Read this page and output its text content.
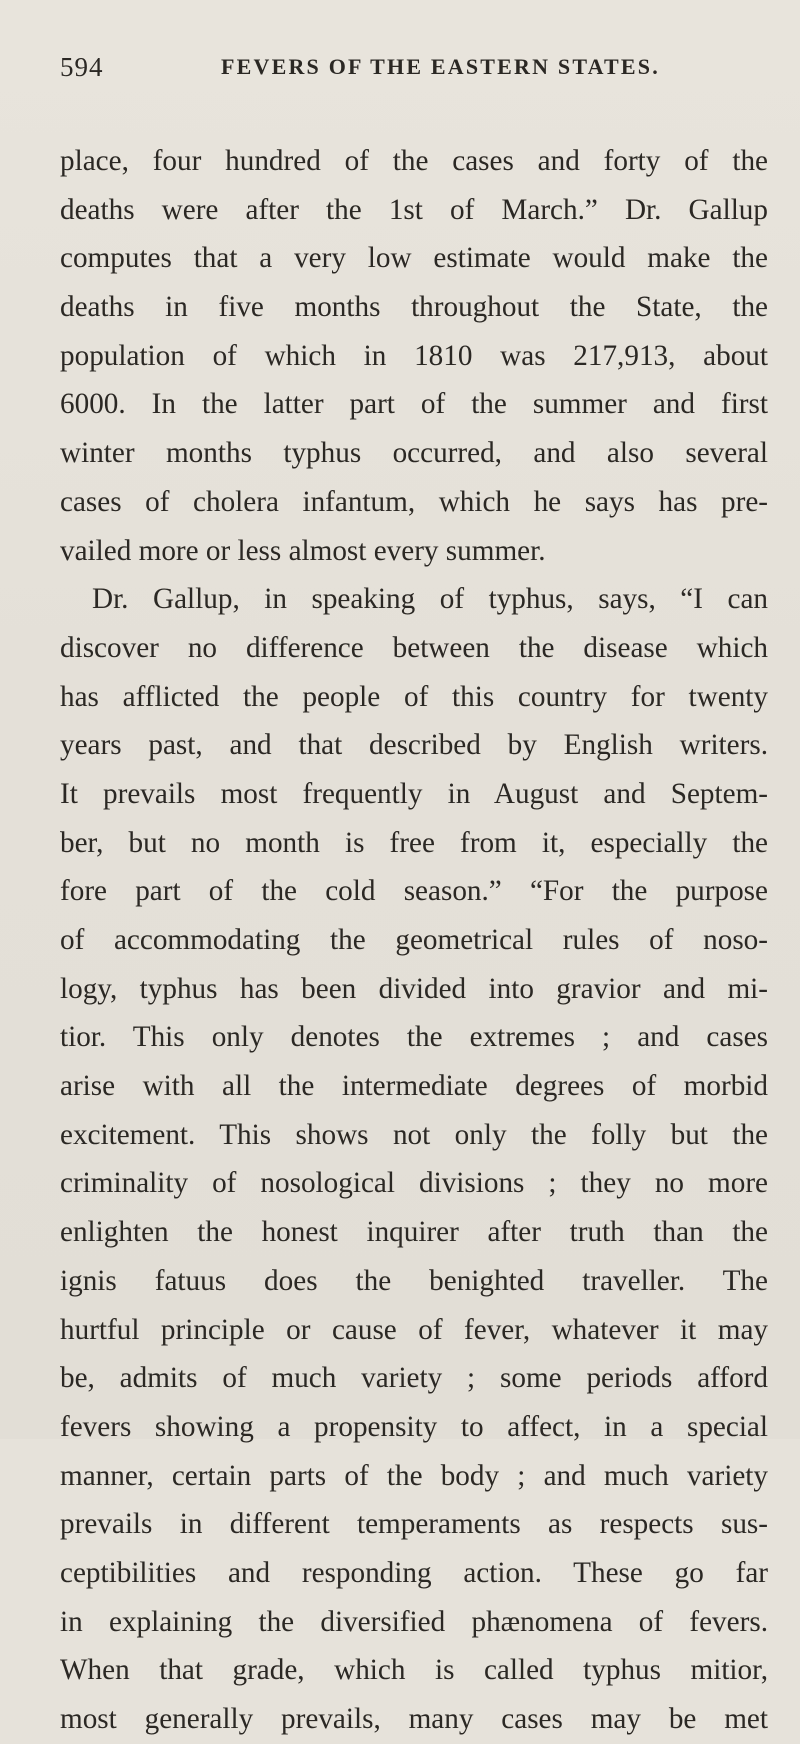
594	FEVERS OF THE EASTERN STATES.
place, four hundred of the cases and forty of the
deaths were after the 1st of March.” Dr. Gallup
computes that a very low estimate would make the
deaths in five months throughout the State, the
population of which in 1810 was 217,913, about
6000. In the latter part of the summer and first
winter months typhus occurred, and also several
cases of cholera infantum, which he says has pre-
vailed more or less almost every summer.
Dr. Gallup, in speaking of typhus, says, “I can
discover no difference between the disease which
has afflicted the people of this country for twenty
years past, and that described by English writers.
It prevails most frequently in August and Septem-
ber, but no month is free from it, especially the
fore part of the cold season.” “For the purpose
of accommodating the geometrical rules of noso-
logy, typhus has been divided into gravior and mi-
tior. This only denotes the extremes ; and cases
arise with all the intermediate degrees of morbid
excitement. This shows not only the folly but the
criminality of nosological divisions ; they no more
enlighten the honest inquirer after truth than the
ignis fatuus does the benighted traveller. The
hurtful principle or cause of fever, whatever it may
be, admits of much variety ; some periods afford
fevers showing a propensity to affect, in a special
manner, certain parts of the body ; and much variety
prevails in different temperaments as respects sus-
ceptibilities and responding action. These go far
in explaining the diversified phænomena of fevers.
When that grade, which is called typhus mitior,
most generally prevails, many cases may be met
